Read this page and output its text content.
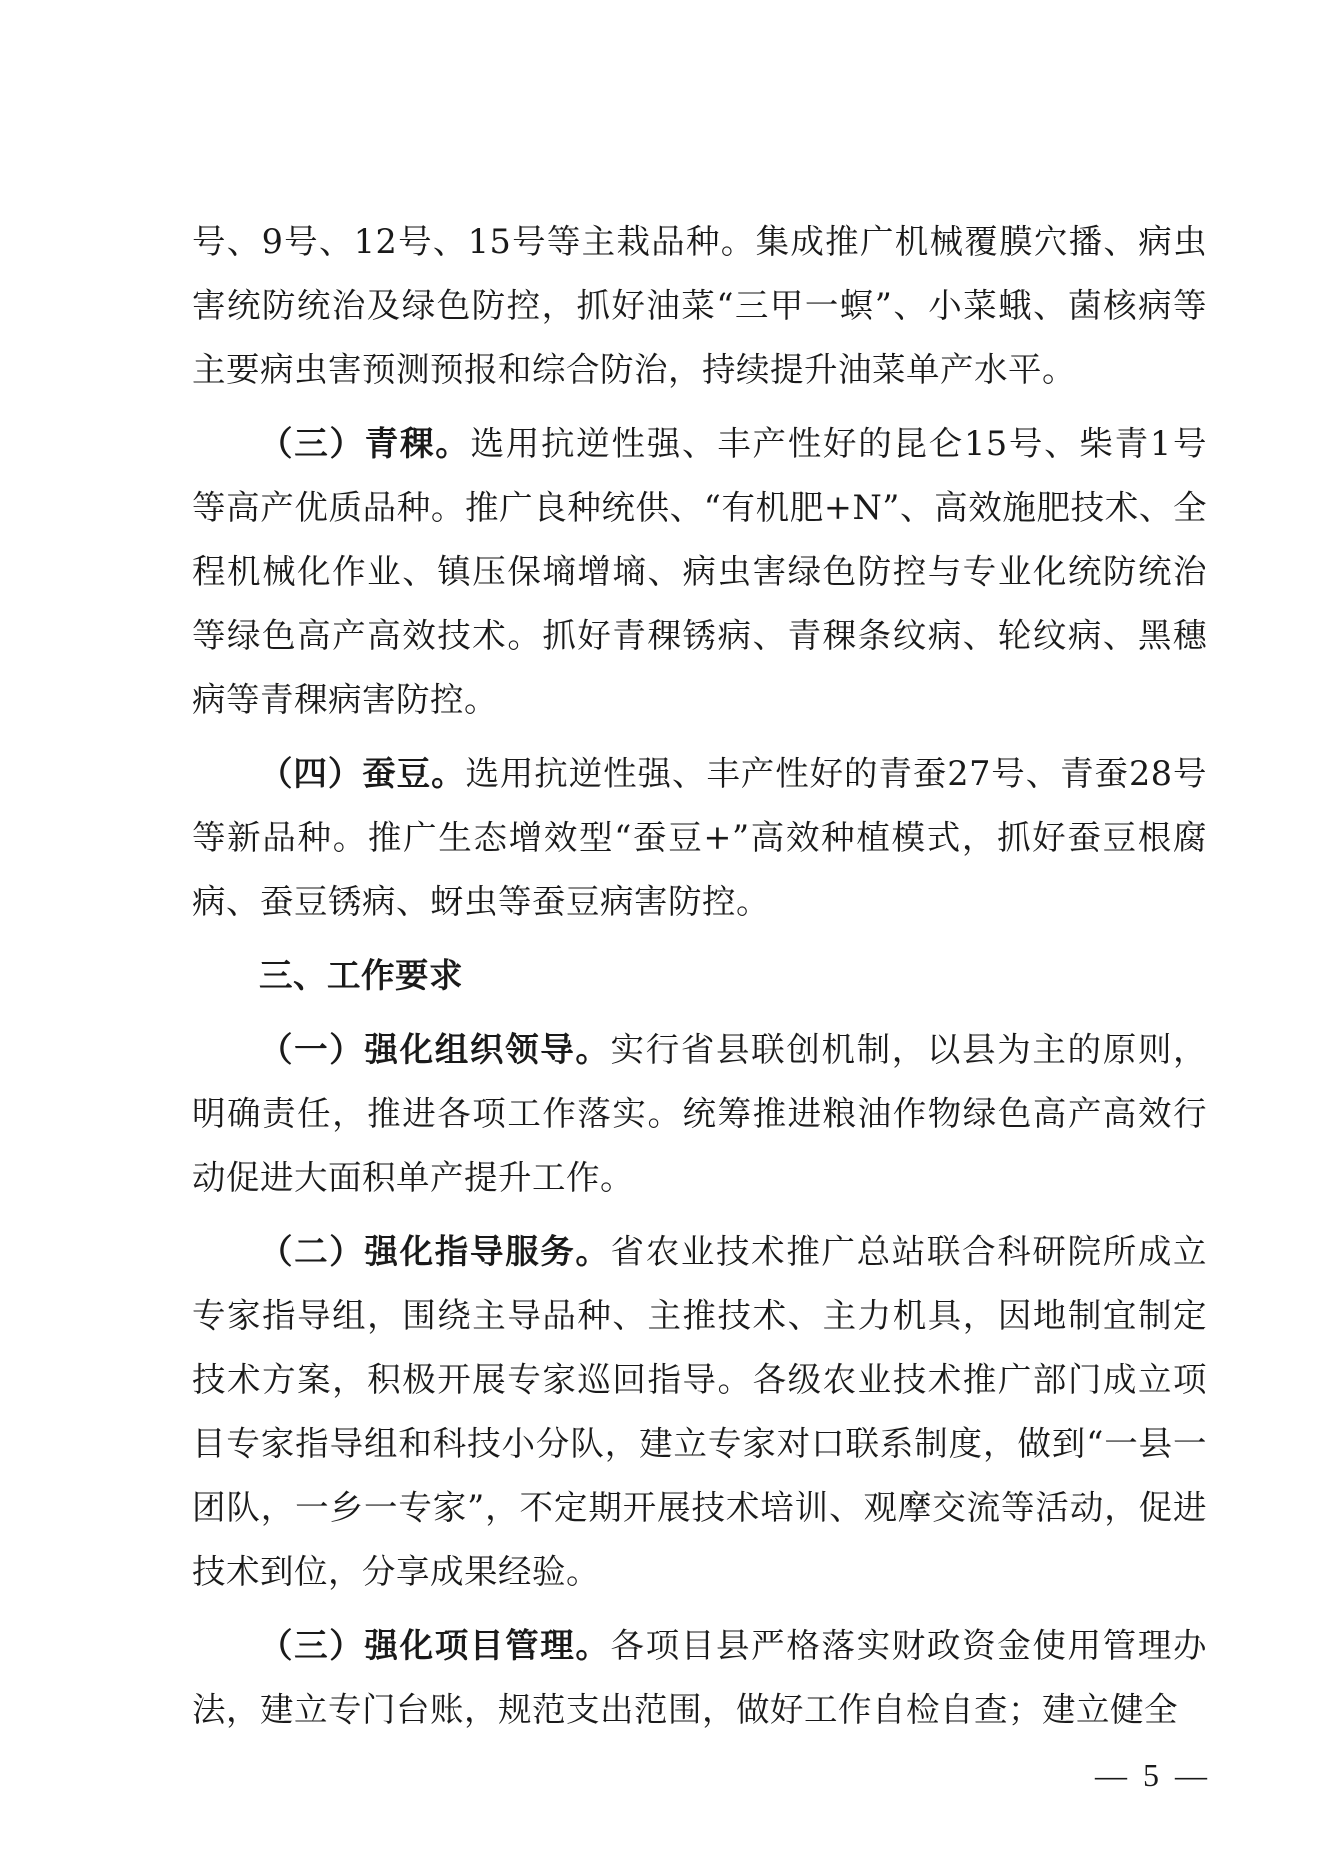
号、9号、12号、15号等主栽品种。集成推广机械覆膜穴播、病虫害统防统治及绿色防控，抓好油菜“三甲一螟”、小菜蛾、菌核病等主要病虫害预测预报和综合防治，持续提升油菜单产水平。

（三）青稞。选用抗逆性强、丰产性好的昆仑15号、柴青1号等高产优质品种。推广良种统供、“有机肥+N”、高效施肥技术、全程机械化作业、镇压保墒增墒、病虫害绿色防控与专业化统防统治等绿色高产高效技术。抓好青稞锈病、青稞条纹病、轮纹病、黑穗病等青稞病害防控。

（四）蚕豆。选用抗逆性强、丰产性好的青蚕27号、青蚕28号等新品种。推广生态增效型“蚕豆+”高效种植模式，抓好蚕豆根腐病、蚕豆锈病、蚜虫等蚕豆病害防控。

三、工作要求

（一）强化组织领导。实行省县联创机制，以县为主的原则，明确责任，推进各项工作落实。统筹推进粮油作物绿色高产高效行动促进大面积单产提升工作。

（二）强化指导服务。省农业技术推广总站联合科研院所成立专家指导组，围绕主导品种、主推技术、主力机具，因地制宜制定技术方案，积极开展专家巡回指导。各级农业技术推广部门成立项目专家指导组和科技小分队，建立专家对口联系制度，做到“一县一团队，一乡一专家”，不定期开展技术培训、观摩交流等活动，促进技术到位，分享成果经验。

（三）强化项目管理。各项目县严格落实财政资金使用管理办法，建立专门台账，规范支出范围，做好工作自检自查；建立健全

— 5 —
